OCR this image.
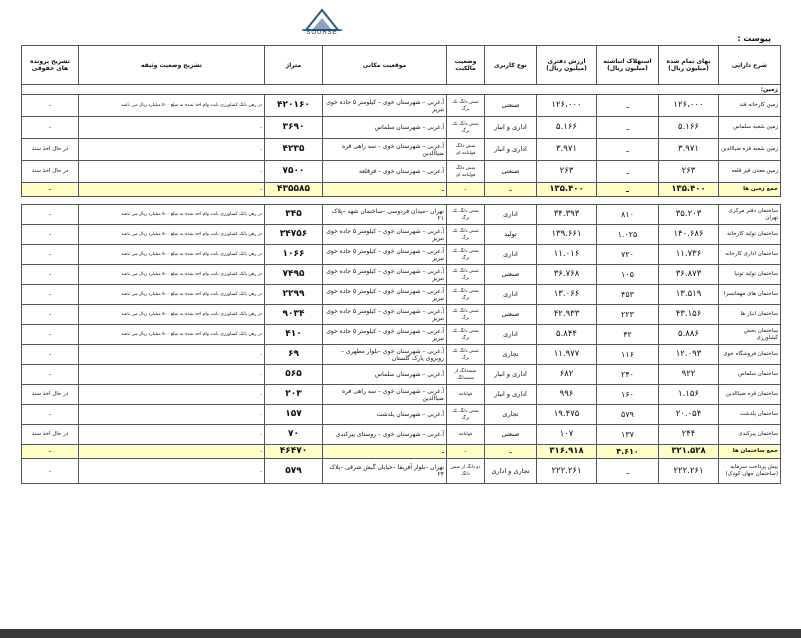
SOURSE
پیوست :
شرح دارایی	بهای تمام شده (میلیون ریال)	استهلاک انباشته (میلیون ریال)	ارزش دفتری (میلیون ریال)	نوع کاربری	وضعیت مالکیت	موقعیت مکانی	متراژ	تشریح وضعیت وثیقه	تشریح پرونده های حقوقی
زمین:									
زمین کارخانه قند	۱۲۶،۰۰۰	ـ	۱۲۶،۰۰۰	صنعتی	شش دانگ تک برگ	آ.غربی – شهرستان خوی – کیلومتر ۵ جاده خوی تبریز	۴۲۰۱۶۰	در رهن بانک کشاورزی بابت وام اخذ شده به مبلغ ۵۰۰ میلیارد ریال می باشد	ـ
زمین شعبه سلماس	۵.۱۶۶	ـ	۵.۱۶۶	اداری و انبار	شش دانگ تک برگ	آ.غربی – شهرستان سلماس	۳۶۹۰	ـ	ـ
زمین شعبه قره ضیاالدین	۳.۹۷۱	ـ	۳.۹۷۱	اداری و انبار	شش دانگ قولنامه ای	آ.غربی – شهرستان خوی – سه راهی قره ضیاالدین	۴۲۳۵	ـ	در حال اخذ سند
زمین معدن قیز قلعه	۲۶۳	ـ	۲۶۳	صنعتی	شش دانگ قولنامه ای	آ.غربی – شهرستان خوی – قزقلعه	۷۵۰۰	ـ	در حال اخذ سند
جمع زمین ها	۱۳۵.۴۰۰	ـ	۱۳۵.۴۰۰	ـ	ـ	ـ	۴۳۵۵۸۵	ـ	ـ

ساختمان دفتر مرکزی تهران	۳۵.۲۰۳	۸۱۰	۳۴.۳۹۳	اداری	شش دانگ تک برگ	تهران –میدان فردوسی –ساختمان شهد –پلاک ۲۱	۳۴۵	در رهن بانک کشاورزی بابت وام اخذ شده به مبلغ ۵۰۰ میلیارد ریال می باشد	ـ
ساختمان تولید کارخانه	۱۴۰.۶۸۶	۱.۰۲۵	۱۳۹.۶۶۱	تولید	شش دانگ تک برگ	آ.غربی – شهرستان خوی – کیلومتر ۵ جاده خوی تبریز	۳۴۷۵۶	در رهن بانک کشاورزی بابت وام اخذ شده به مبلغ ۵۰۰ میلیارد ریال می باشد	ـ
ساختمان اداری کارخانه	۱۱.۷۳۶	۷۲۰	۱۱.۰۱۶	اداری	شش دانگ تک برگ	آ.غربی – شهرستان خوی – کیلومتر ۵ جاده خوی تبریز	۱۰۶۶	در رهن بانک کشاورزی بابت وام اخذ شده به مبلغ ۵۰۰ میلیارد ریال می باشد	ـ
ساختمان تولید توتیا	۳۶.۸۷۳	۱۰۵	۳۶.۷۶۸	صنعتی	شش دانگ تک برگ	آ.غربی – شهرستان خوی – کیلومتر ۵ جاده خوی تبریز	۷۴۹۵	در رهن بانک کشاورزی بابت وام اخذ شده به مبلغ ۵۰۰ میلیارد ریال می باشد	ـ
ساختمان های مهمانسرا	۱۳.۵۱۹	۴۵۳	۱۳.۰۶۶	اداری	شش دانگ تک برگ	آ.غربی – شهرستان خوی – کیلومتر ۵ جاده خوی تبریز	۲۲۹۹	در رهن بانک کشاورزی بابت وام اخذ شده به مبلغ ۵۰۰ میلیارد ریال می باشد	ـ
ساختمان انبار ها	۴۳.۱۵۶	۲۲۳	۴۲.۹۳۳	صنعتی	شش دانگ تک برگ	آ.غربی – شهرستان خوی – کیلومتر ۵ جاده خوی تبریز	۹۰۳۴	در رهن بانک کشاورزی بابت وام اخذ شده به مبلغ ۵۰۰ میلیارد ریال می باشد	ـ
ساختمان بخش کشاورزی	۵.۸۸۶	۴۲	۵.۸۴۴	اداری	شش دانگ تک برگ	آ.غربی – شهرستان خوی – کیلومتر ۵ جاده خوی تبریز	۴۱۰	در رهن بانک کشاورزی بابت وام اخذ شده به مبلغ ۵۰۰ میلیارد ریال می باشد	ـ
ساختمان فروشگاه خوی	۱۲.۰۹۳	۱۱۶	۱۱.۹۷۷	تجاری	شش دانگ تک برگ	آ.غربی – شهرستان خوی –بلوار مطهری – روبروی پارک گلستان	۶۹	ـ	ـ
ساختمان سلماس	۹۲۲	۲۴۰	۶۸۲	اداری و انبار	ششدانگ از ششدانگ	آ.غربی – شهرستان سلماس	۵۶۵	ـ	ـ
ساختمان قره ضیاالدین	۱.۱۵۶	۱۶۰	۹۹۶	اداری و انبار	قولنامه	آ.غربی – شهرستان خوی – سه راهی قره ضیاالدین	۲۰۳	ـ	در حال اخذ سند
ساختمان پلدشت	۲۰.۰۵۴	۵۷۹	۱۹.۴۷۵	تجاری	شش دانگ تک برگ	آ.غربی – شهرستان پلدشت	۱۵۷	ـ	ـ
ساختمان پیرکندی	۲۴۴	۱۳۷	۱۰۷	صنعتی	قولنامه	آ.غربی – شهرستان خوی – روستای پیرکندی	۷۰	ـ	در حال اخذ سند
جمع ساختمان ها	۳۲۱.۵۲۸	۴.۶۱۰	۳۱۶.۹۱۸	ـ	ـ	ـ	۴۶۴۷۰	ـ	ـ
پیش پرداخت سرمایه (ساختمان جهان کودک)	۲۲۲.۲۶۱	ـ	۲۲۲.۲۶۱	تجاری و اداری	دو دانگ از شش دانگ	تهران –بلوار آفریقا –خیابان گیش شرقی –پلاک ۲۴	۵۷۹	ـ	ـ
